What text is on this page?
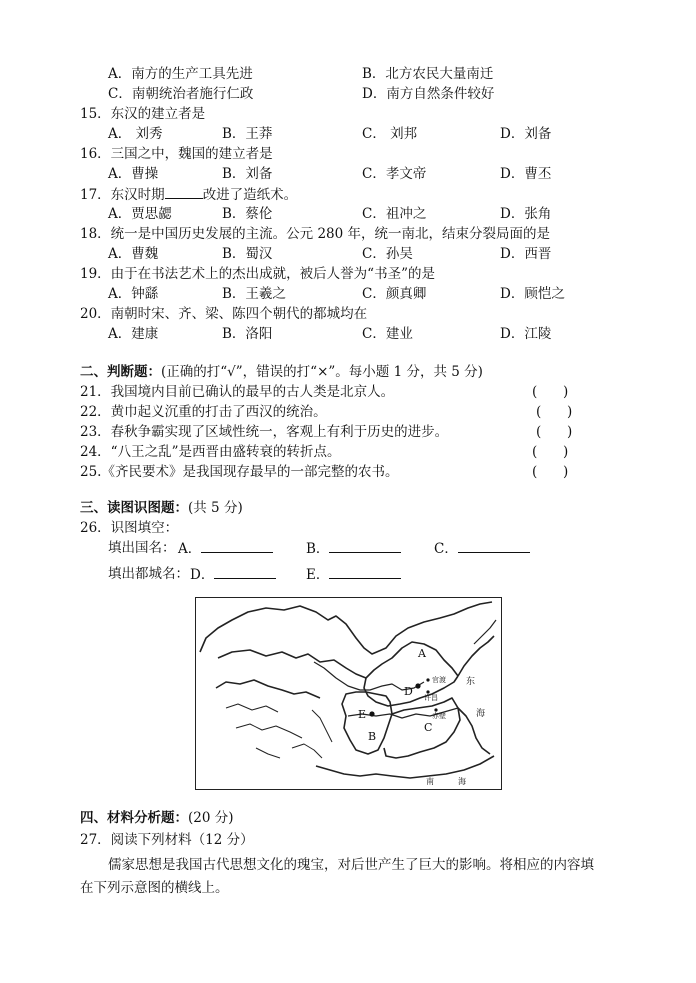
A．南方的生产工具先进	B．北方农民大量南迁
C．南朝统治者施行仁政	D．南方自然条件较好
15．东汉的建立者是
A． 刘秀	B．王莽	C． 刘邦	D．刘备
16．三国之中，魏国的建立者是
A．曹操	B．刘备	C．孝文帝	D．曹丕
17．东汉时期	改进了造纸术。
A．贾思勰	B．蔡伦	C．祖冲之	D．张角
18．统一是中国历史发展的主流。公元 280 年，统一南北，结束分裂局面的是
A．曹魏	B．蜀汉	C．孙吴	D．西晋
19．由于在书法艺术上的杰出成就，被后人誉为“书圣”的是
A．钟繇	B．王羲之	C．颜真卿	D．顾恺之
20．南朝时宋、齐、梁、陈四个朝代的都城均在
A．建康	B．洛阳	C．建业	D．江陵
二、判断题：(正确的打“√”，错误的打“×”。每小题 1 分，共 5 分)
21．我国境内目前已确认的最早的古人类是北京人。	(      )
22．黄巾起义沉重的打击了西汉的统治。	(      )
23．春秋争霸实现了区域性统一，客观上有利于历史的进步。	(      )
24．“八王之乱”是西晋由盛转衰的转折点。	(      )
25.《齐民要术》是我国现存最早的一部完整的农书。	(      )
三、读图识图题：(共 5 分)
26．识图填空：
填出国名： A．	B．	C．
填出都城名： D．	E．
A
B
C
D
E
官渡
许昌
赤壁
东
海
南	海
四、材料分析题：(20 分)
27．阅读下列材料（12 分）
儒家思想是我国古代思想文化的瑰宝，对后世产生了巨大的影响。将相应的内容填
在下列示意图的横线上。
